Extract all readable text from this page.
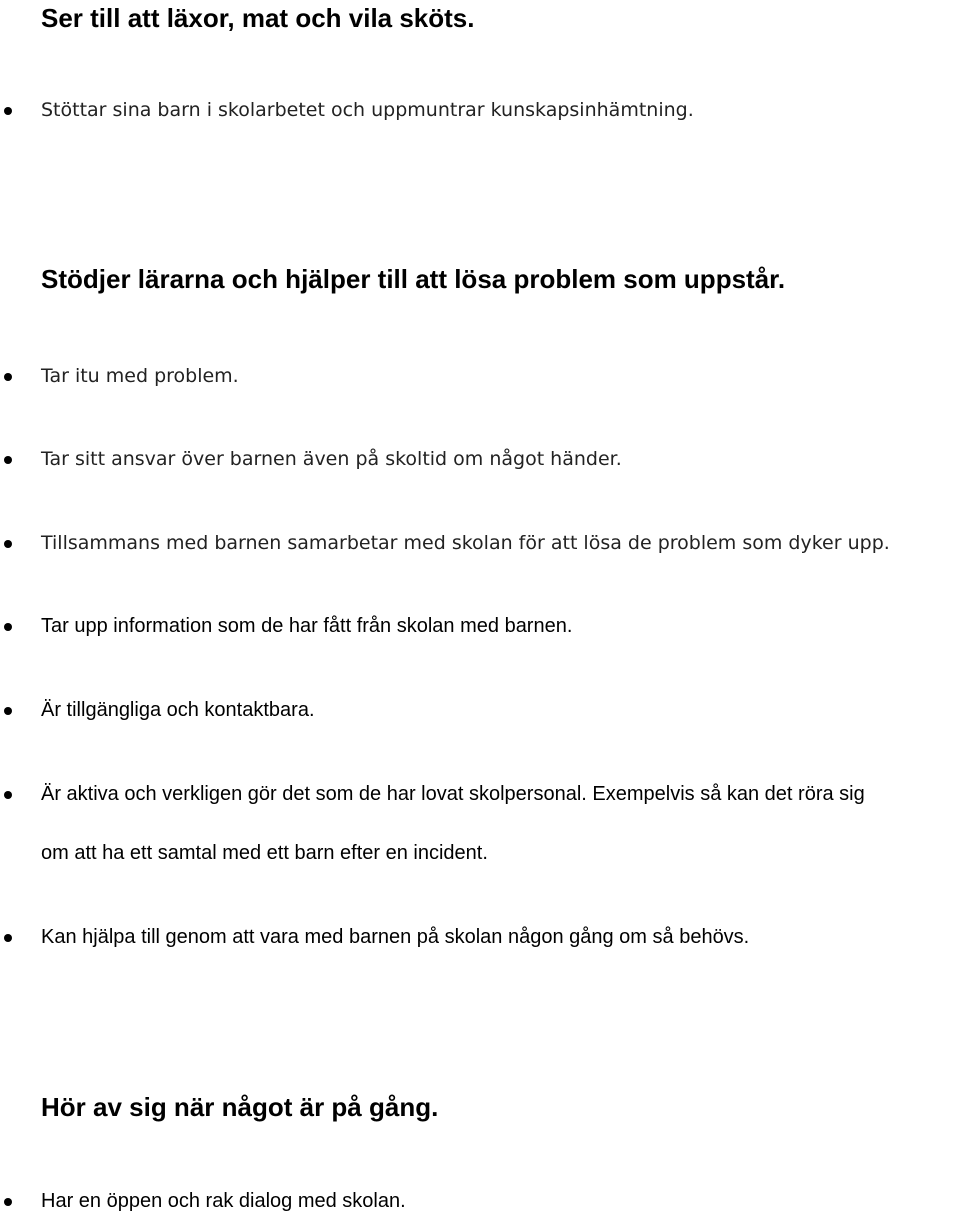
Ser till att läxor, mat och vila sköts.
Stöttar sina barn i skolarbetet och uppmuntrar kunskapsinhämtning.
Stödjer lärarna och hjälper till att lösa problem som uppstår.
Tar itu med problem.
Tar sitt ansvar över barnen även på skoltid om något händer.
Tillsammans med barnen samarbetar med skolan för att lösa de problem som dyker upp.
Tar upp information som de har fått från skolan med barnen.
Är tillgängliga och kontaktbara.
Är aktiva och verkligen gör det som de har lovat skolpersonal. Exempelvis så kan det röra sig
om att ha ett samtal med ett barn efter en incident.
Kan hjälpa till genom att vara med barnen på skolan någon gång om så behövs.
Hör av sig när något är på gång.
Har en öppen och rak dialog med skolan.
